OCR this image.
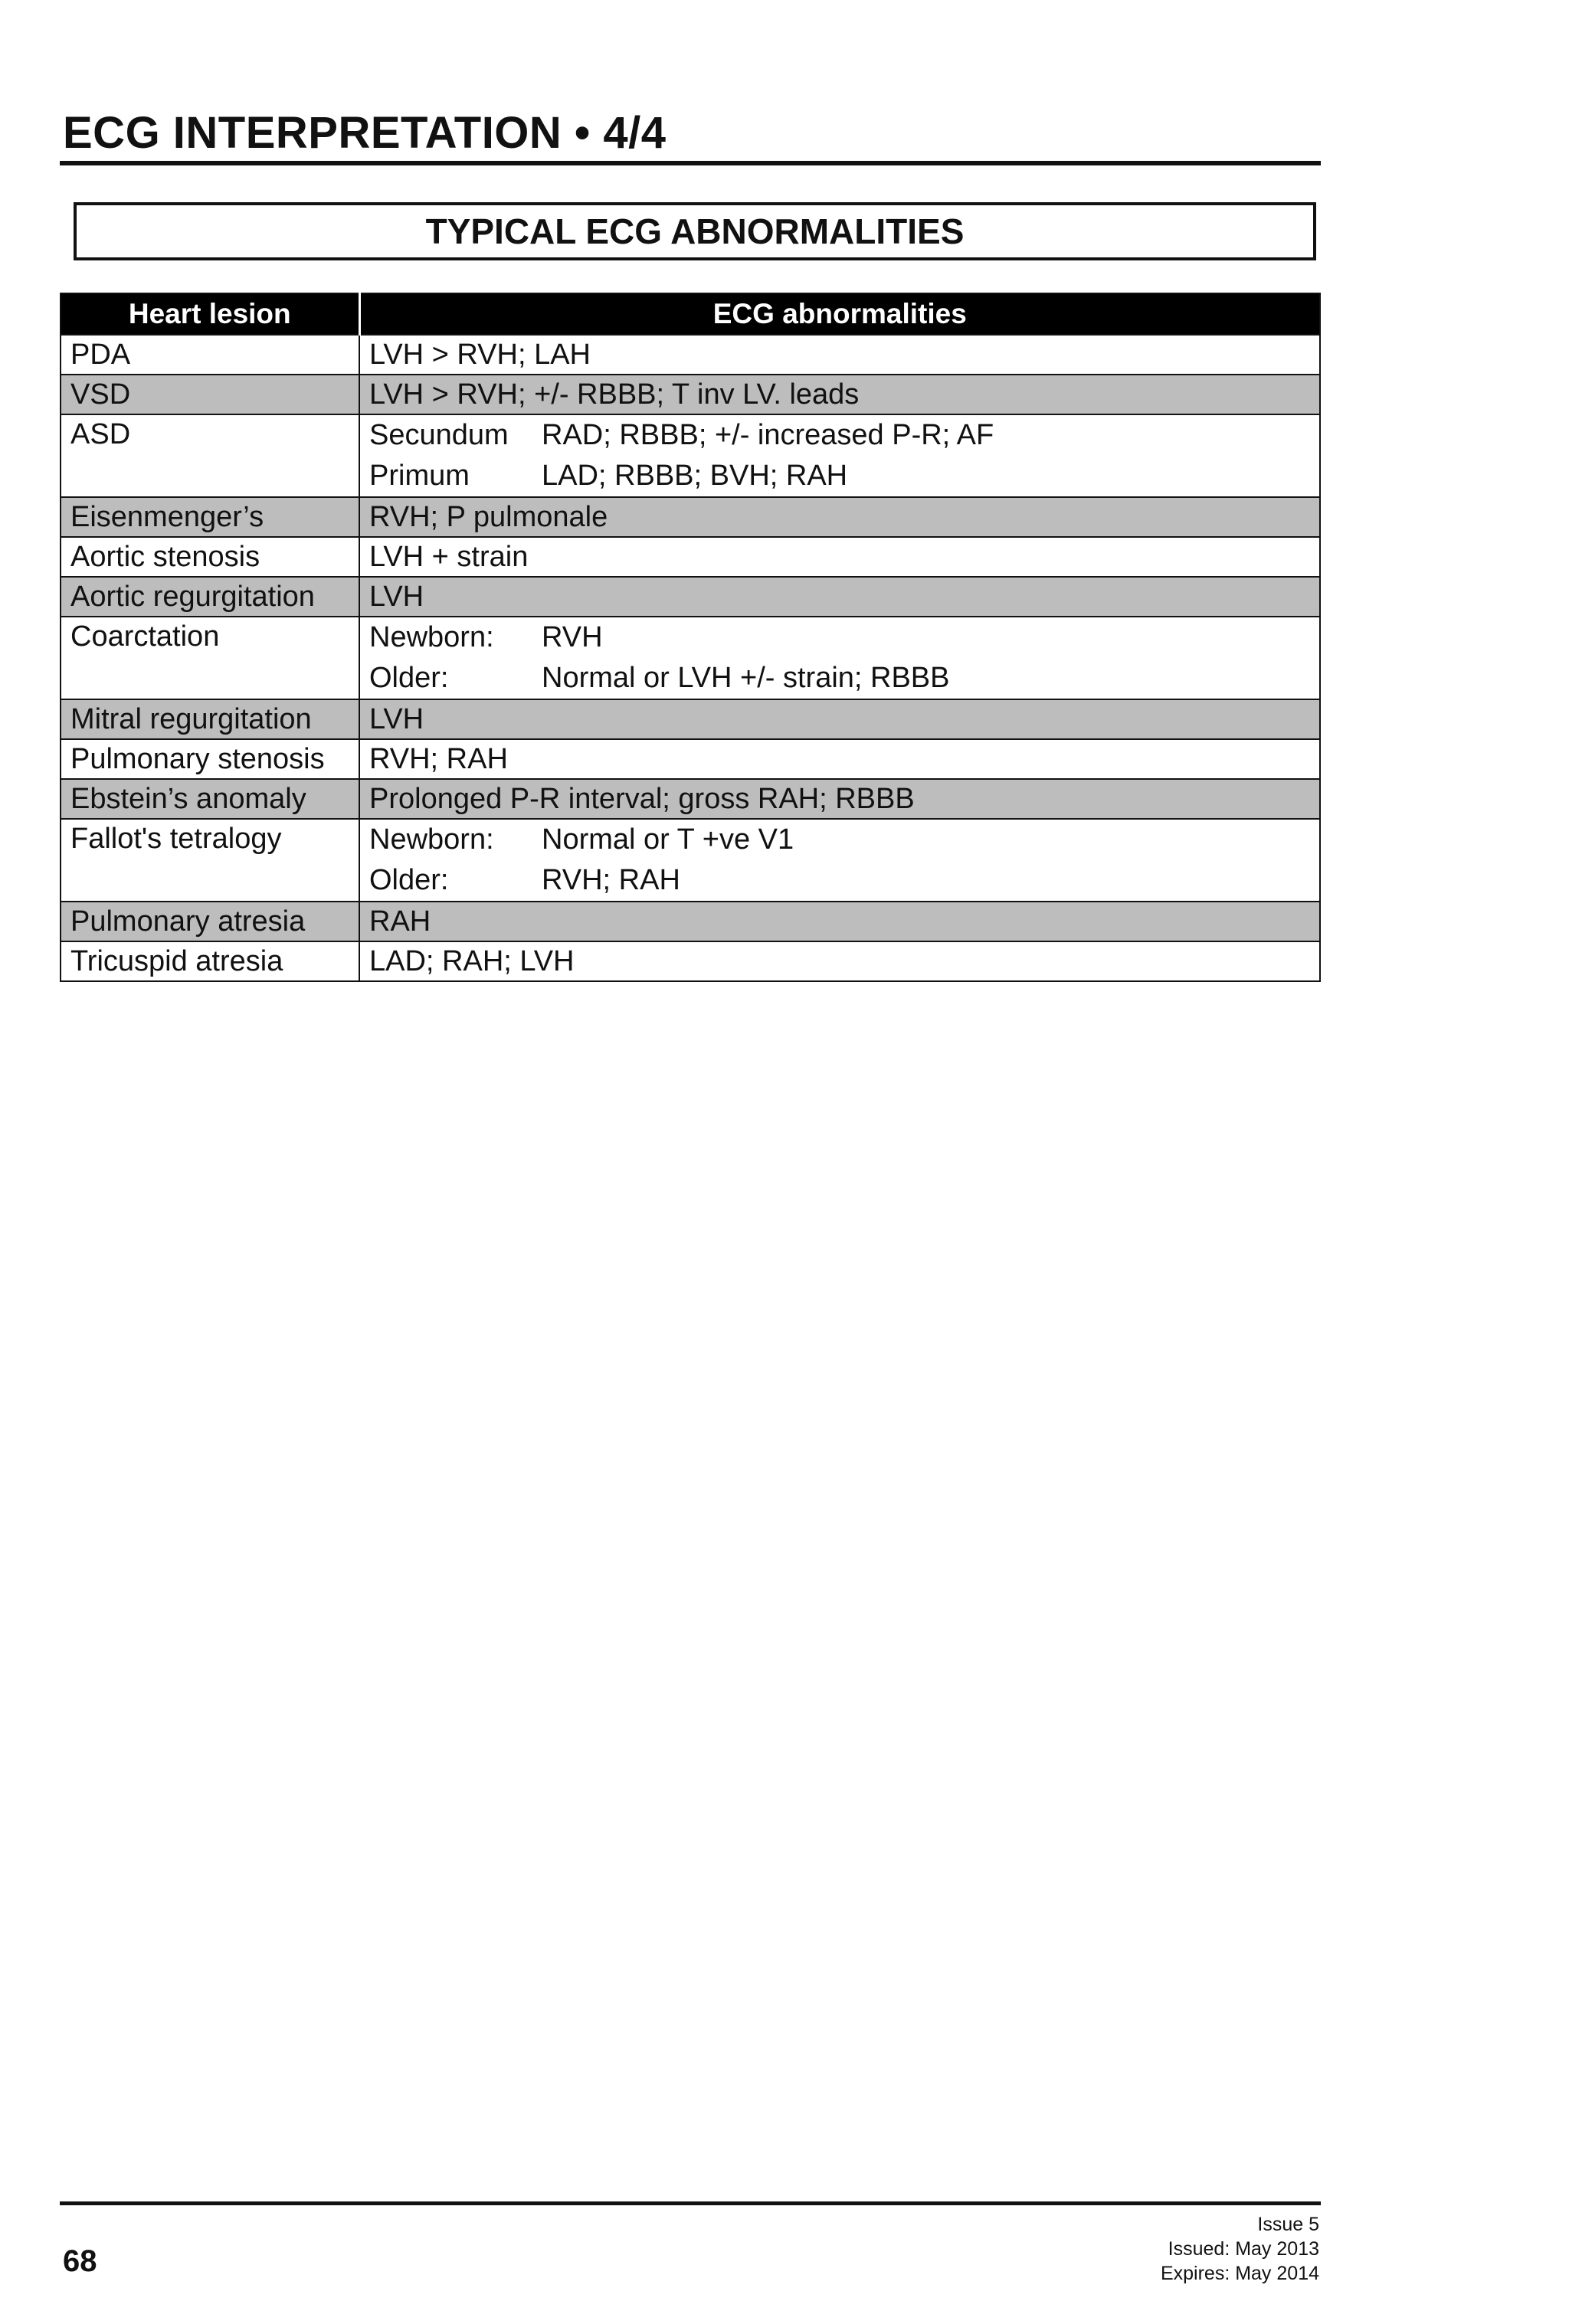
ECG INTERPRETATION • 4/4
TYPICAL ECG ABNORMALITIES
Heart lesion	ECG abnormalities
PDA	LVH > RVH; LAH
VSD	LVH > RVH; +/- RBBB; T inv LV. leads
ASD	Secundum RAD; RBBB; +/- increased P-R; AF
Primum LAD; RBBB; BVH; RAH

Eisenmenger’s	RVH; P pulmonale
Aortic stenosis	LVH + strain
Aortic regurgitation	LVH
Coarctation	Newborn: RVH
Older: Normal or LVH +/- strain; RBBB

Mitral regurgitation	LVH
Pulmonary stenosis	RVH; RAH
Ebstein’s anomaly	Prolonged P-R interval; gross RAH; RBBB
Fallot's tetralogy	Newborn: Normal or T +ve V1
Older: RVH; RAH

Pulmonary atresia	RAH
Tricuspid atresia	LAD; RAH; LVH
68
Issue 5
Issued: May 2013
Expires: May 2014
